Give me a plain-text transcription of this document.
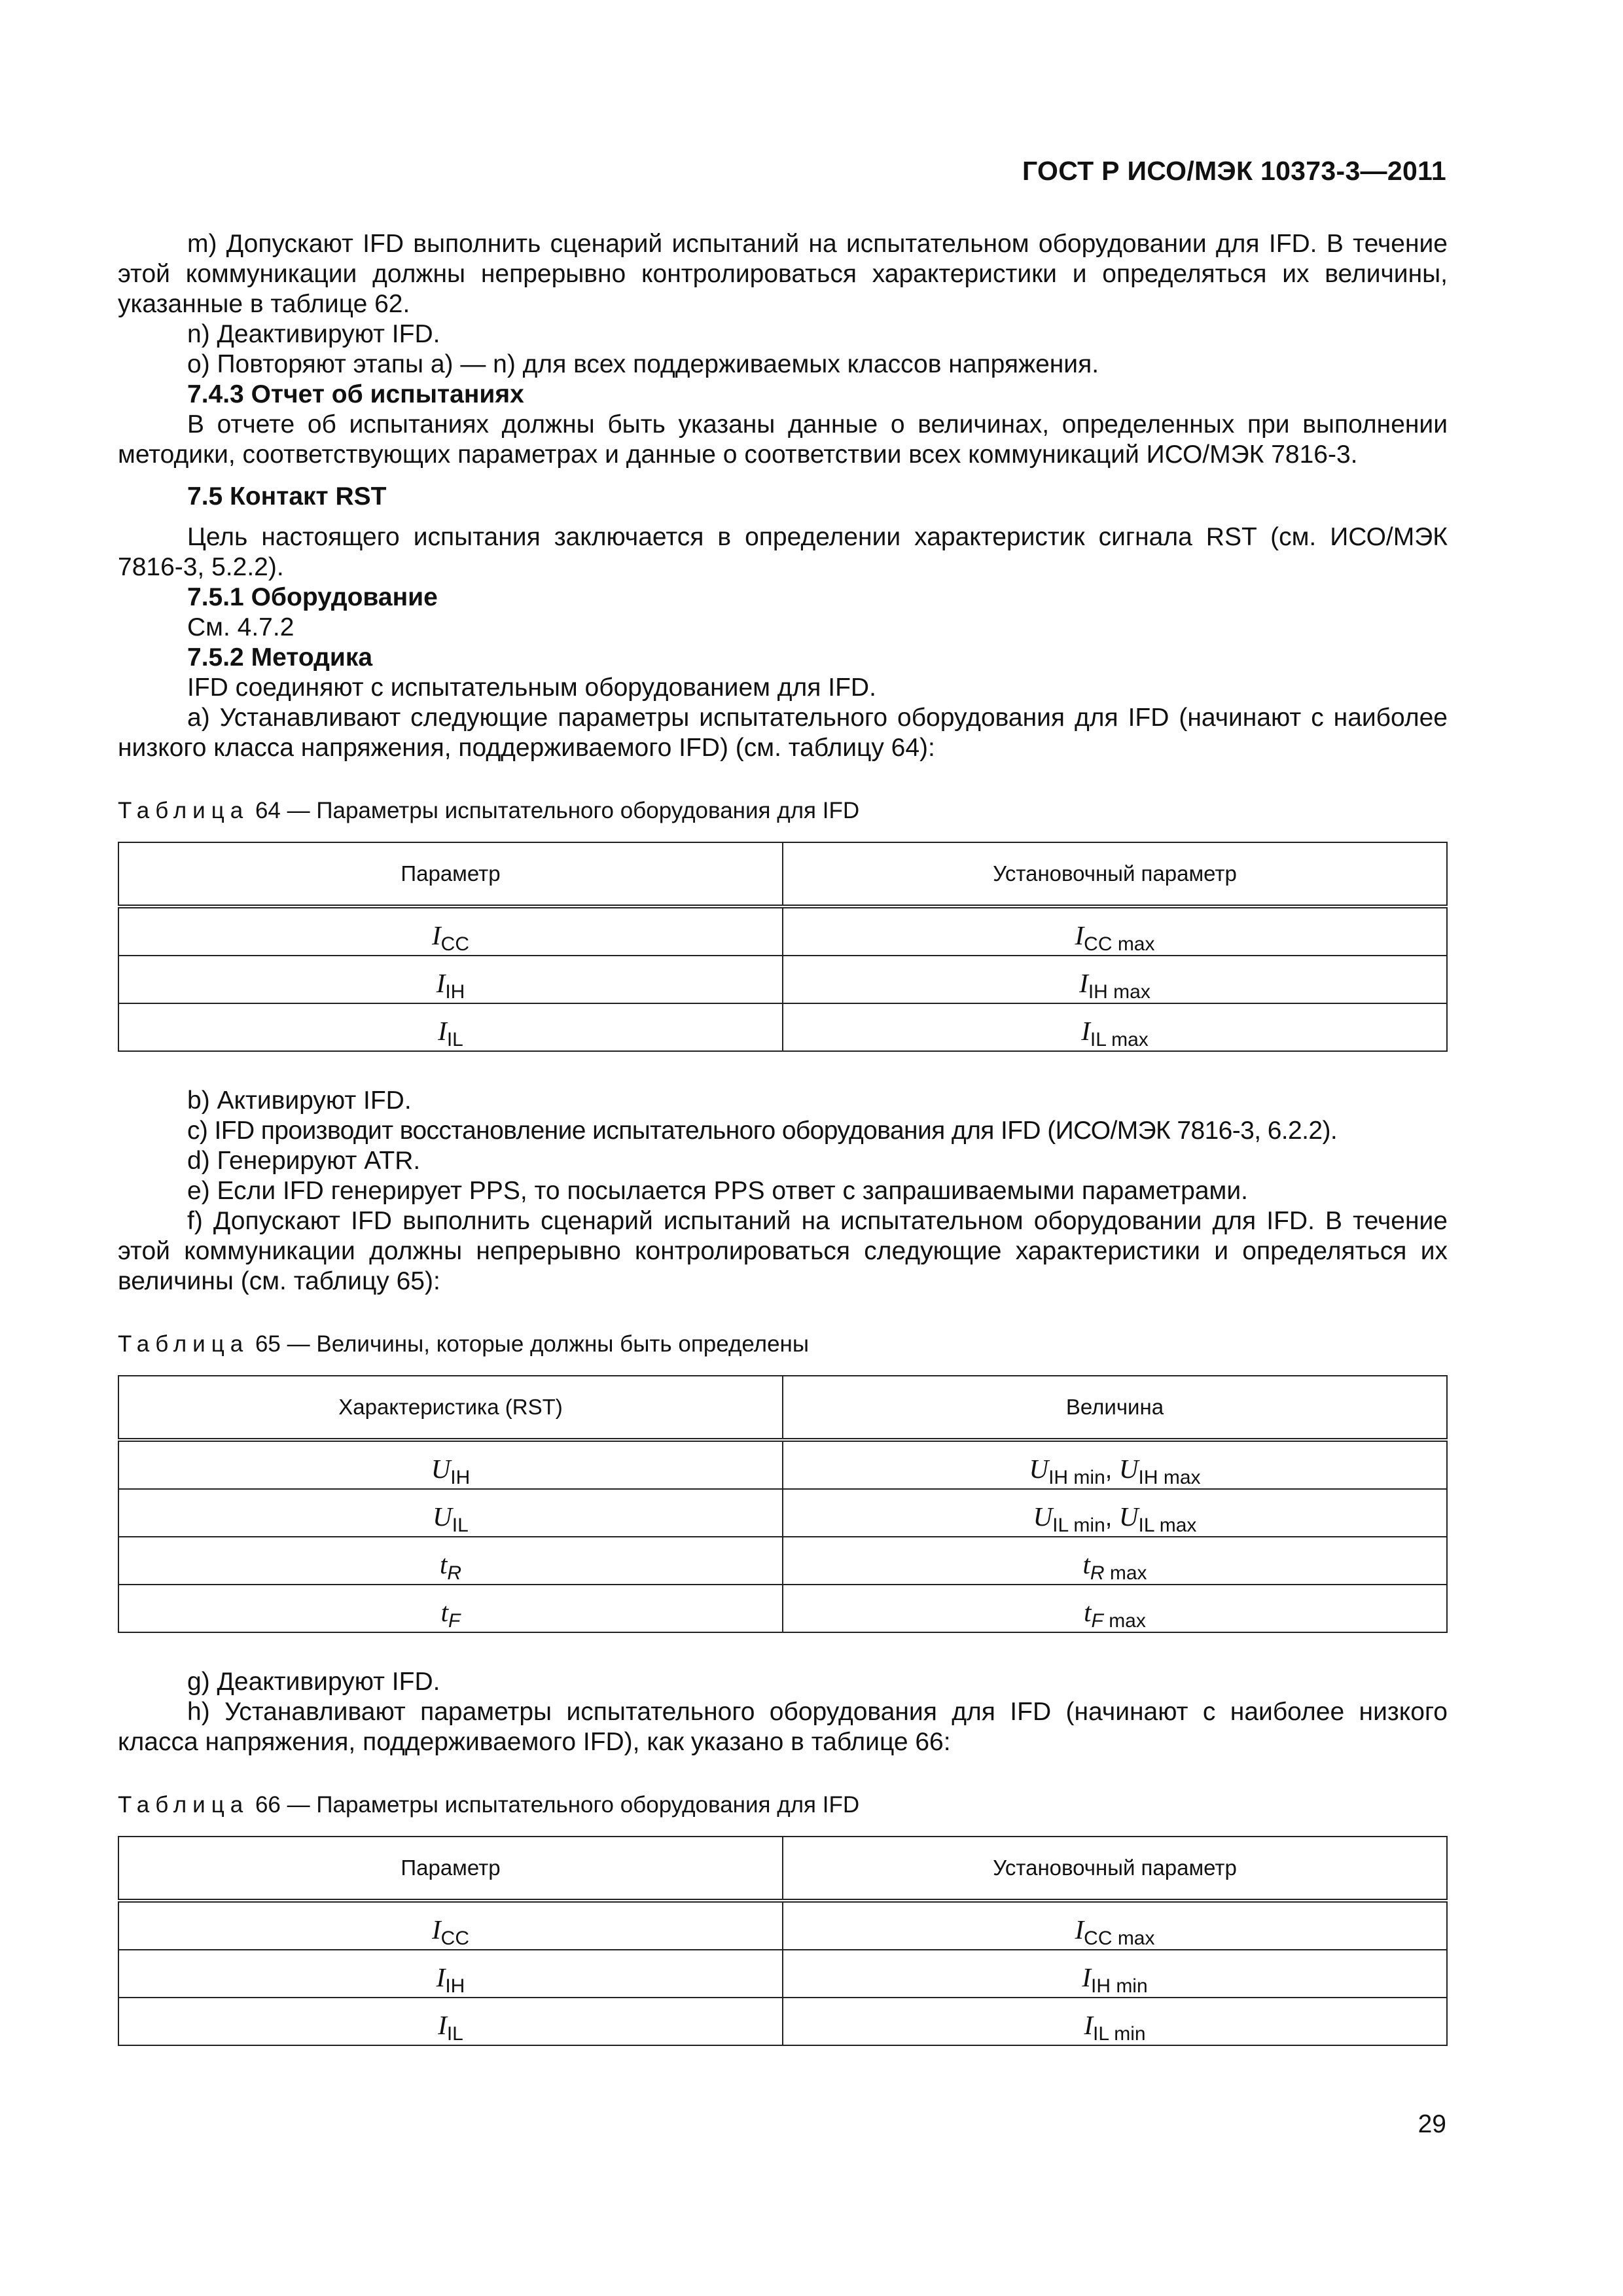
ГОСТ Р ИСО/МЭК 10373-3—2011

m) Допускают IFD выполнить сценарий испытаний на испытательном оборудовании для IFD. В течение этой коммуникации должны непрерывно контролироваться характеристики и определяться их величины, указанные в таблице 62.

n) Деактивируют IFD.

o) Повторяют этапы a) — n) для всех поддерживаемых классов напряжения.

7.4.3 Отчет об испытаниях

В отчете об испытаниях должны быть указаны данные о величинах, определенных при выполнении методики, соответствующих параметрах и данные о соответствии всех коммуникаций ИСО/МЭК 7816-3.

7.5 Контакт RST

Цель настоящего испытания заключается в определении характеристик сигнала RST (см. ИСО/МЭК 7816-3, 5.2.2).

7.5.1 Оборудование

См. 4.7.2

7.5.2 Методика

IFD соединяют с испытательным оборудованием для IFD.

a) Устанавливают следующие параметры испытательного оборудования для IFD (начинают с наиболее низкого класса напряжения, поддерживаемого IFD) (см. таблицу 64):

Таблица 64 — Параметры испытательного оборудования для IFD

Параметр	Установочный параметр
ICC	ICC max
IIH	IIH max
IIL	IIL max

b) Активируют IFD.

c) IFD производит восстановление испытательного оборудования для IFD (ИСО/МЭК 7816-3, 6.2.2).

d) Генерируют ATR.

e) Если IFD генерирует PPS, то посылается PPS ответ с запрашиваемыми параметрами.

f) Допускают IFD выполнить сценарий испытаний на испытательном оборудовании для IFD. В течение этой коммуникации должны непрерывно контролироваться следующие характеристики и определяться их величины (см. таблицу 65):

Таблица 65 — Величины, которые должны быть определены

Характеристика (RST)	Величина
UIH	UIH min, UIH max
UIL	UIL min, UIL max
tR	tR max
tF	tF max

g) Деактивируют IFD.

h) Устанавливают параметры испытательного оборудования для IFD (начинают с наиболее низкого класса напряжения, поддерживаемого IFD), как указано в таблице 66:

Таблица 66 — Параметры испытательного оборудования для IFD

Параметр	Установочный параметр
ICC	ICC max
IIH	IIH min
IIL	IIL min
29
